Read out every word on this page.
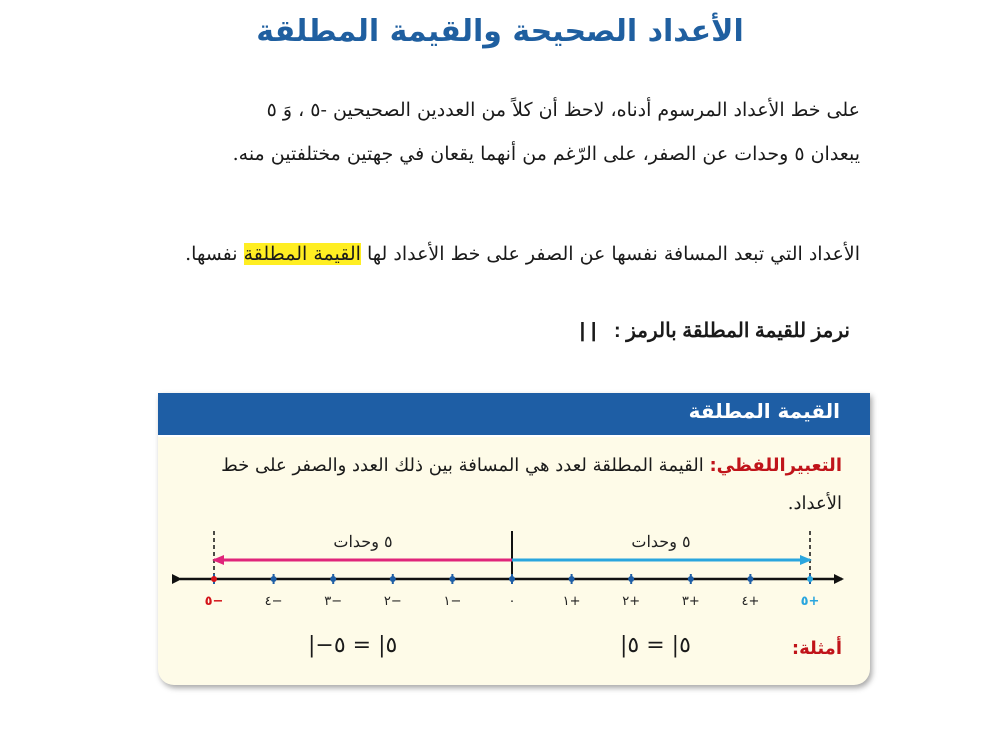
الأعداد الصحيحة والقيمة المطلقة
على خط الأعداد المرسوم أدناه، لاحظ أن كلاً من العددين الصحيحين -٥ ، وَ ٥
يبعدان ٥ وحدات عن الصفر، على الرّغم من أنهما يقعان في جهتين مختلفتين منه.
الأعداد التي تبعد المسافة نفسها عن الصفر على خط الأعداد لها القيمة المطلقة نفسها.
نرمز للقيمة المطلقة بالرمز : | |
القيمة المطلقة
التعبيراللفظي: القيمة المطلقة لعدد هي المسافة بين ذلك العدد والصفر على خط الأعداد.
٥ وحدات	٥ وحدات
٥−	٤−	٣−	٢−	١−	٠	١+	٢+	٣+	٤+	٥+
أمثلة:
|٥| = ٥
|−٥| = ٥
